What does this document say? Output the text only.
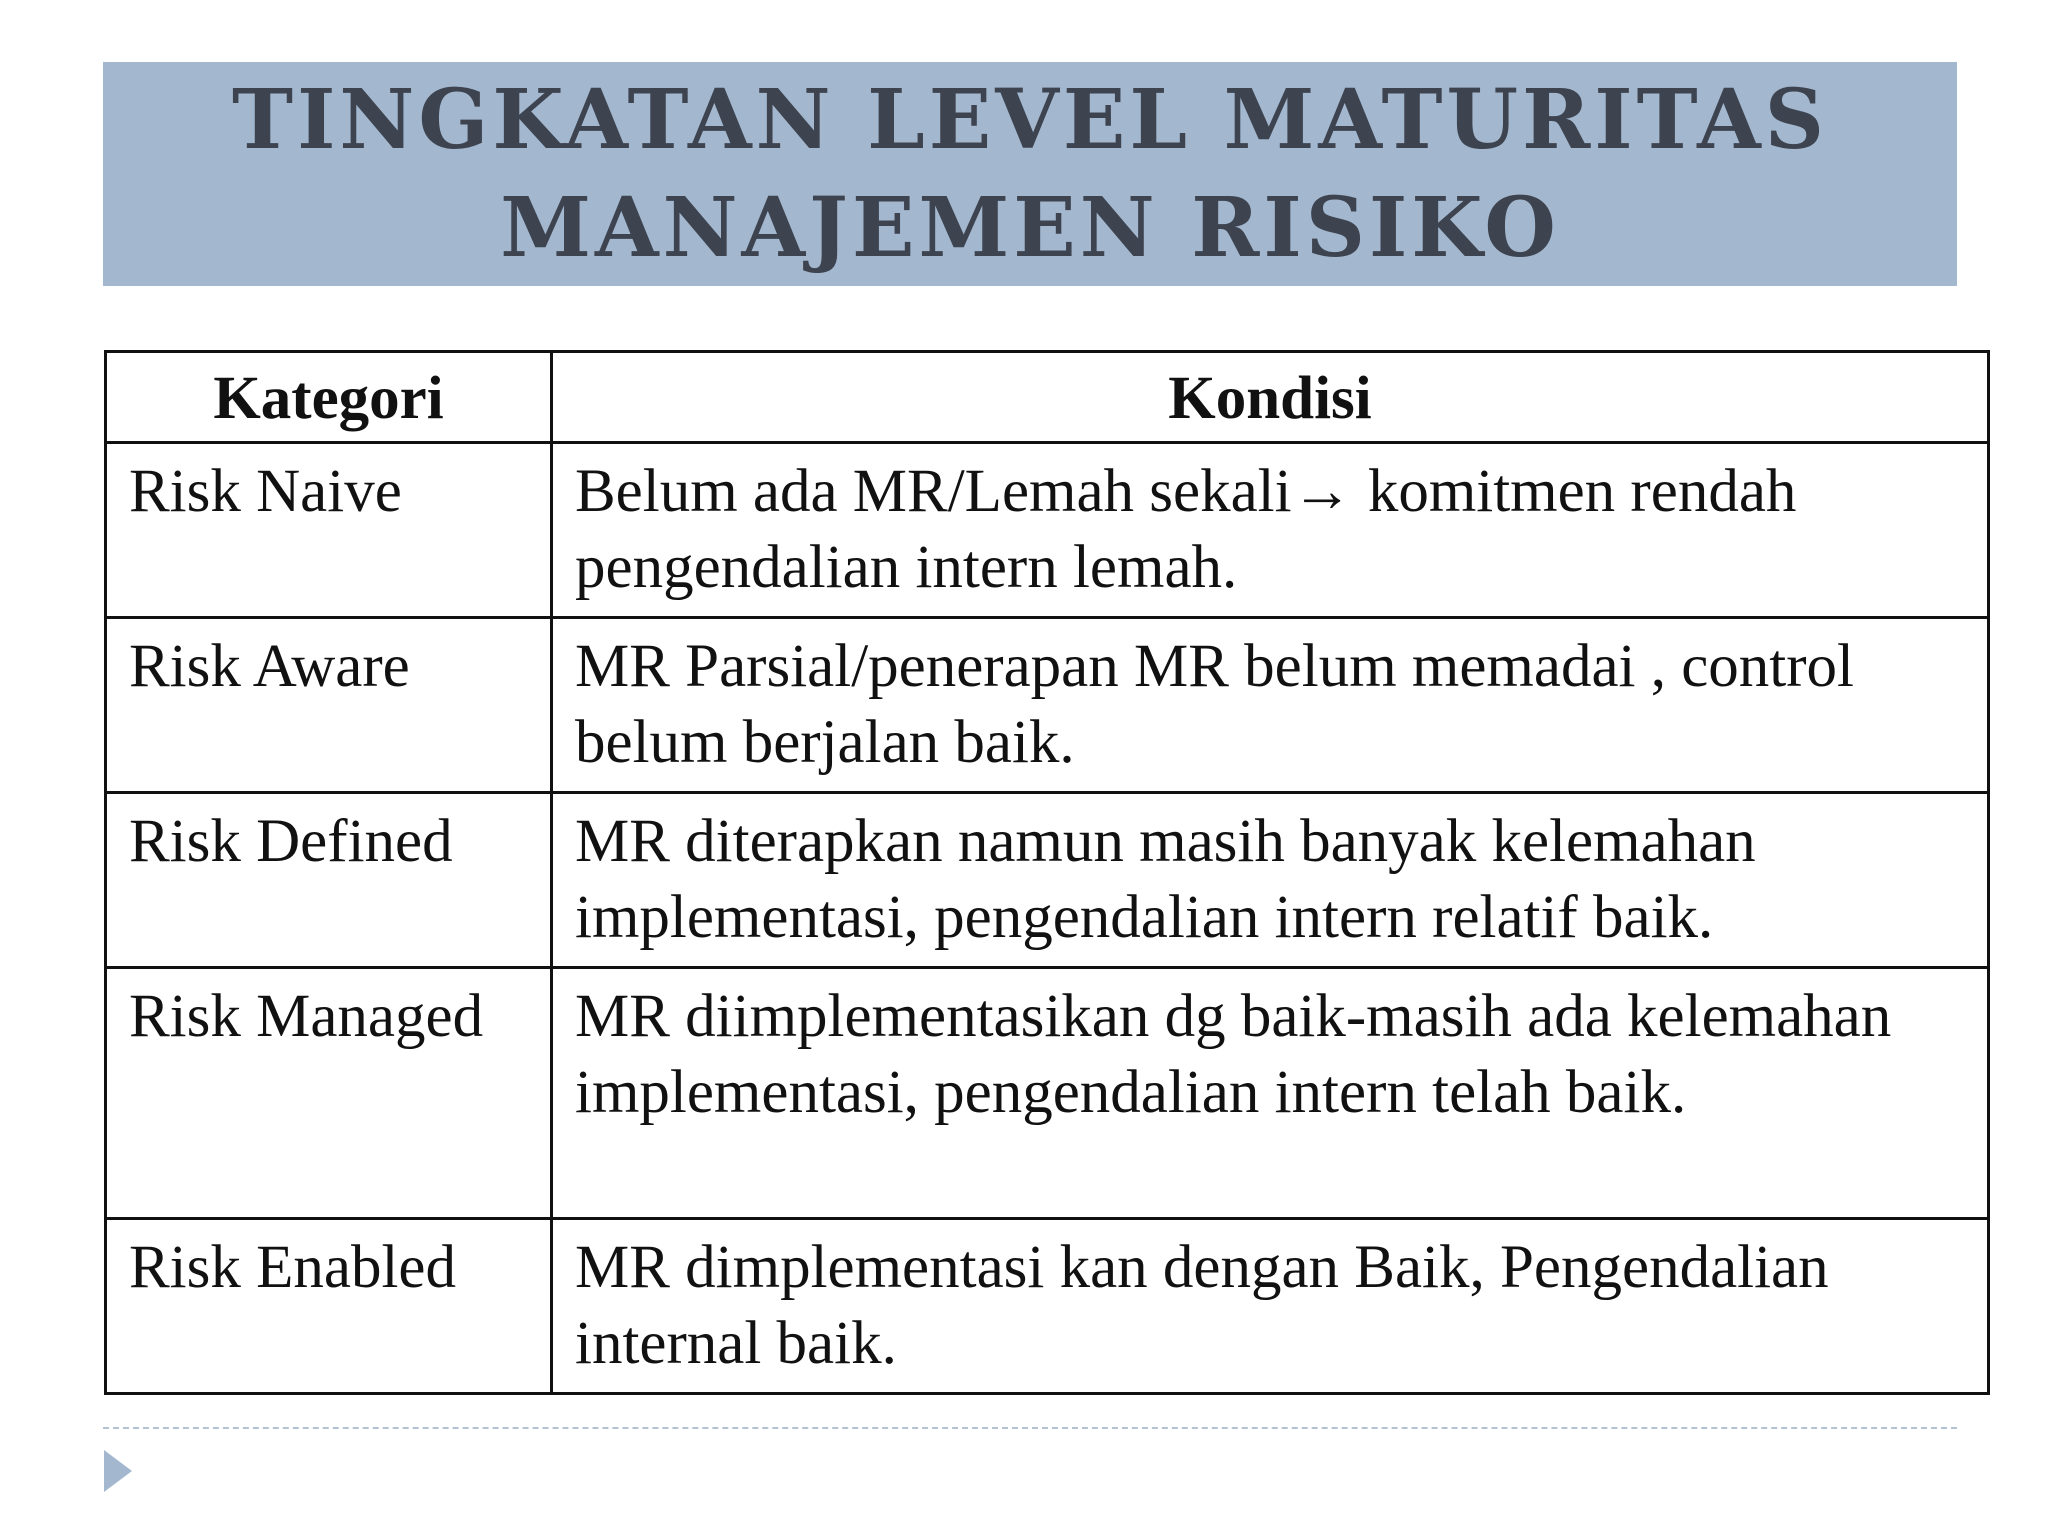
TINGKATAN LEVEL MATURITAS
MANAJEMEN RISIKO
Kategori	Kondisi
Risk Naive	Belum ada MR/Lemah sekali→ komitmen rendah pengendalian intern lemah.
Risk Aware	MR Parsial/penerapan MR belum memadai , control belum berjalan baik.
Risk Defined	MR diterapkan namun masih banyak kelemahan implementasi, pengendalian intern relatif baik.
Risk Managed	MR diimplementasikan dg baik-masih ada kelemahan implementasi, pengendalian intern telah baik.
Risk Enabled	MR dimplementasi kan dengan Baik, Pengendalian internal baik.
